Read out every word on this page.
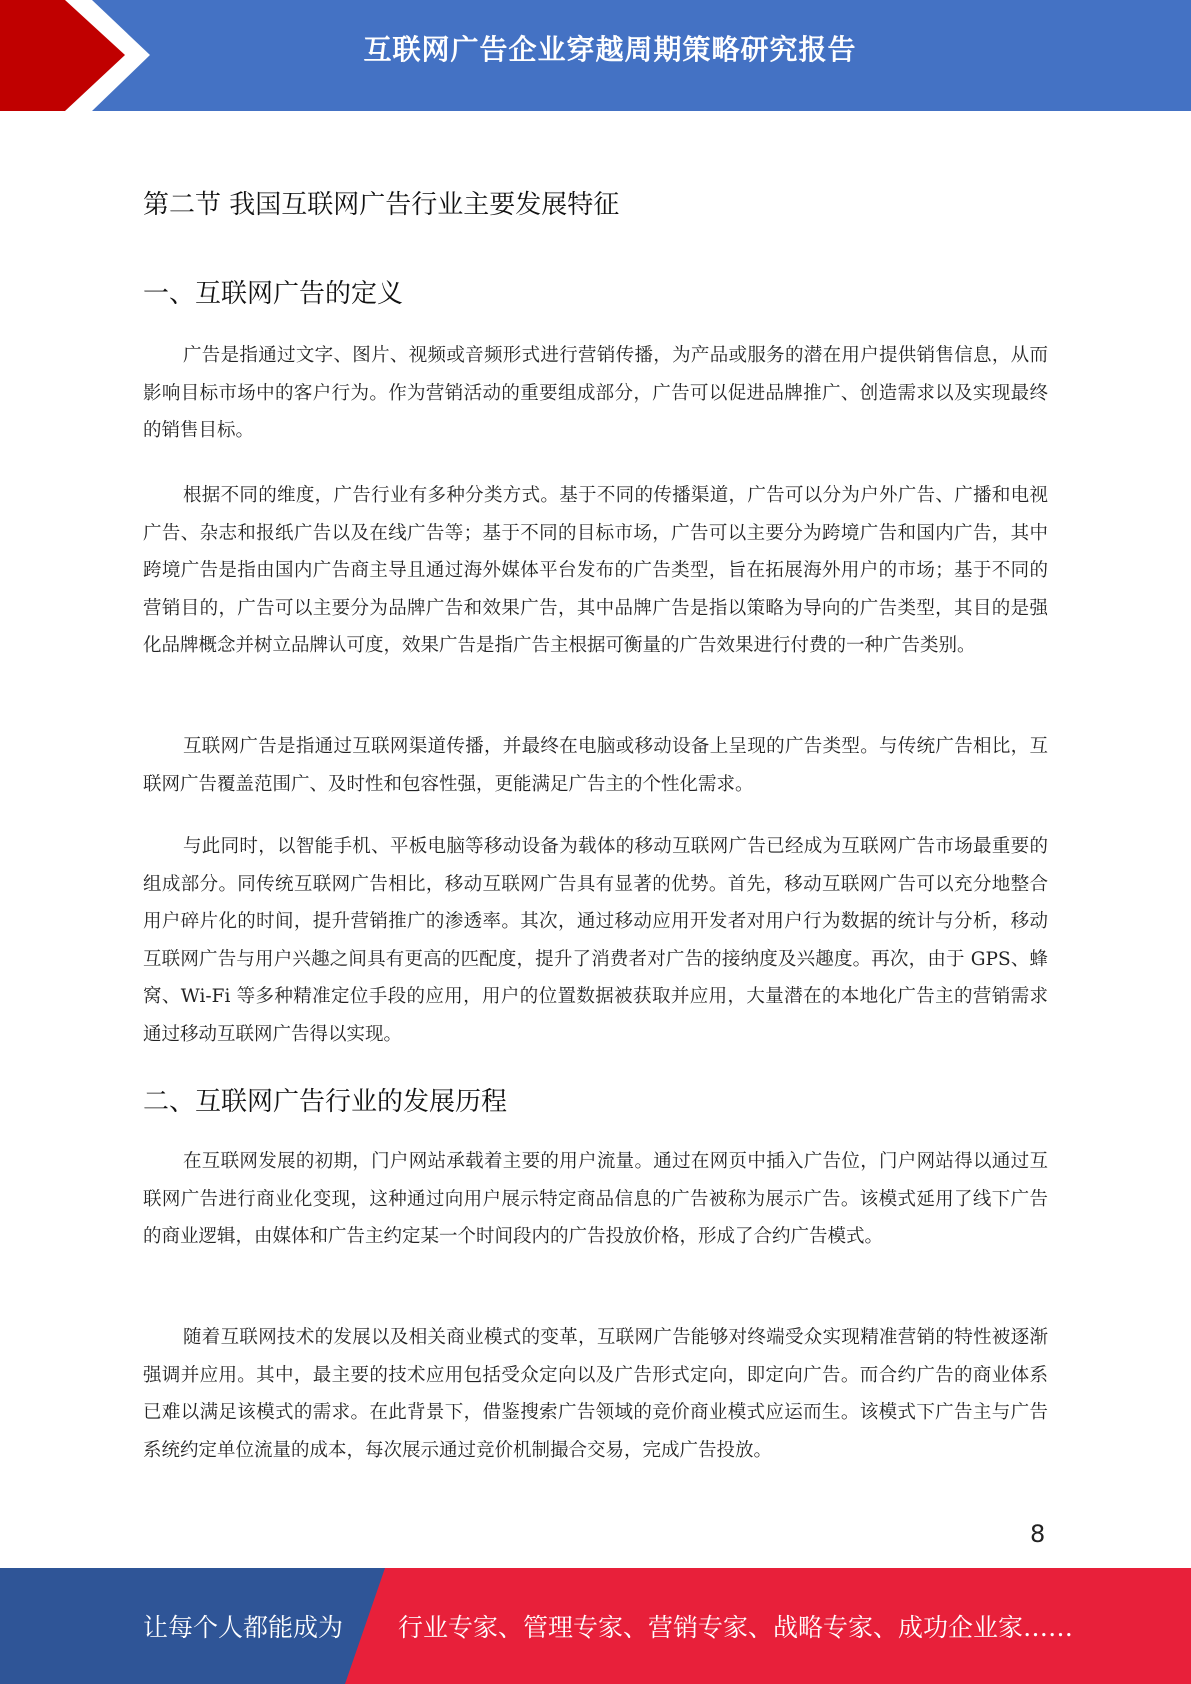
互联网广告企业穿越周期策略研究报告
第二节 我国互联网广告行业主要发展特征
一、互联网广告的定义

广告是指通过文字、图片、视频或音频形式进行营销传播，为产品或服务的潜在用户提供销售信息，从而影响目标市场中的客户行为。作为营销活动的重要组成部分，广告可以促进品牌推广、创造需求以及实现最终的销售目标。

根据不同的维度，广告行业有多种分类方式。基于不同的传播渠道，广告可以分为户外广告、广播和电视广告、杂志和报纸广告以及在线广告等；基于不同的目标市场，广告可以主要分为跨境广告和国内广告，其中跨境广告是指由国内广告商主导且通过海外媒体平台发布的广告类型，旨在拓展海外用户的市场；基于不同的营销目的，广告可以主要分为品牌广告和效果广告，其中品牌广告是指以策略为导向的广告类型，其目的是强化品牌概念并树立品牌认可度，效果广告是指广告主根据可衡量的广告效果进行付费的一种广告类别。

互联网广告是指通过互联网渠道传播，并最终在电脑或移动设备上呈现的广告类型。与传统广告相比，互联网广告覆盖范围广、及时性和包容性强，更能满足广告主的个性化需求。

与此同时，以智能手机、平板电脑等移动设备为载体的移动互联网广告已经成为互联网广告市场最重要的组成部分。同传统互联网广告相比，移动互联网广告具有显著的优势。首先，移动互联网广告可以充分地整合用户碎片化的时间，提升营销推广的渗透率。其次，通过移动应用开发者对用户行为数据的统计与分析，移动互联网广告与用户兴趣之间具有更高的匹配度，提升了消费者对广告的接纳度及兴趣度。再次，由于 GPS、蜂窝、Wi-Fi 等多种精准定位手段的应用，用户的位置数据被获取并应用，大量潜在的本地化广告主的营销需求通过移动互联网广告得以实现。

二、互联网广告行业的发展历程

在互联网发展的初期，门户网站承载着主要的用户流量。通过在网页中插入广告位，门户网站得以通过互联网广告进行商业化变现，这种通过向用户展示特定商品信息的广告被称为展示广告。该模式延用了线下广告的商业逻辑，由媒体和广告主约定某一个时间段内的广告投放价格，形成了合约广告模式。

随着互联网技术的发展以及相关商业模式的变革，互联网广告能够对终端受众实现精准营销的特性被逐渐强调并应用。其中，最主要的技术应用包括受众定向以及广告形式定向，即定向广告。而合约广告的商业体系已难以满足该模式的需求。在此背景下，借鉴搜索广告领域的竞价商业模式应运而生。该模式下广告主与广告系统约定单位流量的成本，每次展示通过竞价机制撮合交易，完成广告投放。

8
让每个人都能成为 行业专家、管理专家、营销专家、战略专家、成功企业家……
